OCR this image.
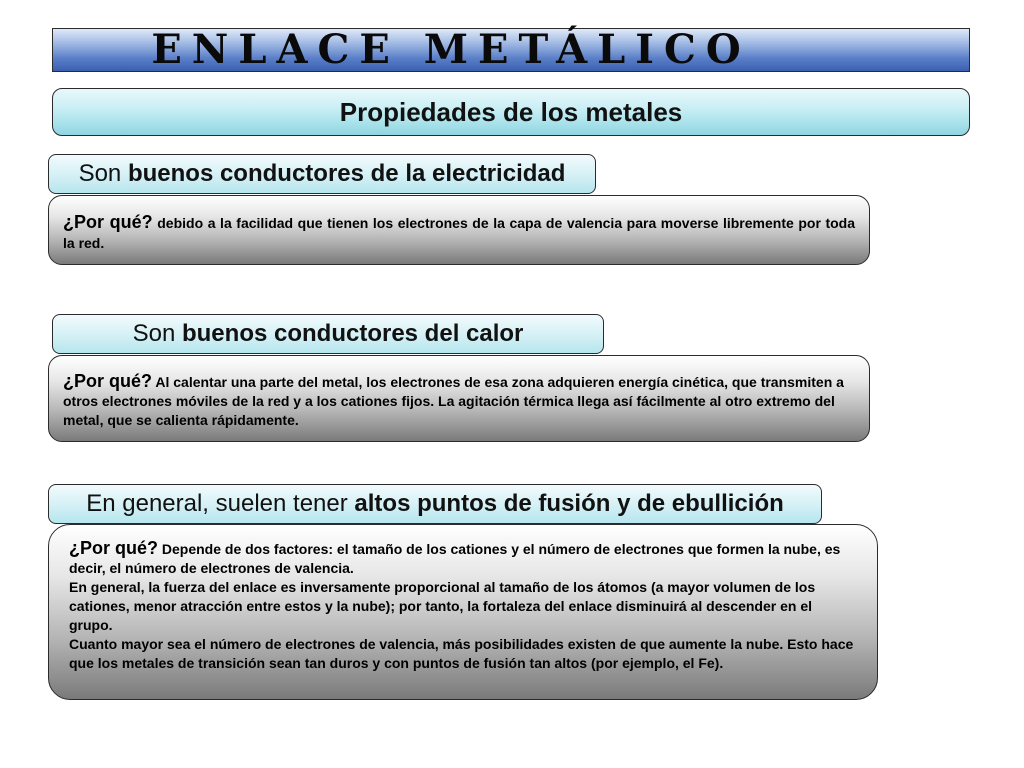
ENLACE METÁLICO
Propiedades de los metales
Son buenos conductores de la electricidad
¿Por qué? debido a la facilidad que tienen los electrones de la capa de valencia para moverse libremente por toda la red.
Son buenos conductores del calor
¿Por qué? Al calentar una parte del metal, los electrones de esa zona adquieren energía cinética, que transmiten a otros electrones móviles de la red y a los cationes fijos. La agitación térmica llega así fácilmente al otro extremo del metal, que se calienta rápidamente.
En general, suelen tener altos puntos de fusión y de ebullición
¿Por qué? Depende de dos factores: el tamaño de los cationes y el número de electrones que formen la nube, es decir, el número de electrones de valencia.
En general, la fuerza del enlace es inversamente proporcional al tamaño de los átomos (a mayor volumen de los cationes, menor atracción entre estos y la nube); por tanto, la fortaleza del enlace disminuirá al descender en el grupo.
Cuanto mayor sea el número de electrones de valencia, más posibilidades existen de que aumente la nube. Esto hace que los metales de transición sean tan duros y con puntos de fusión tan altos (por ejemplo, el Fe).
